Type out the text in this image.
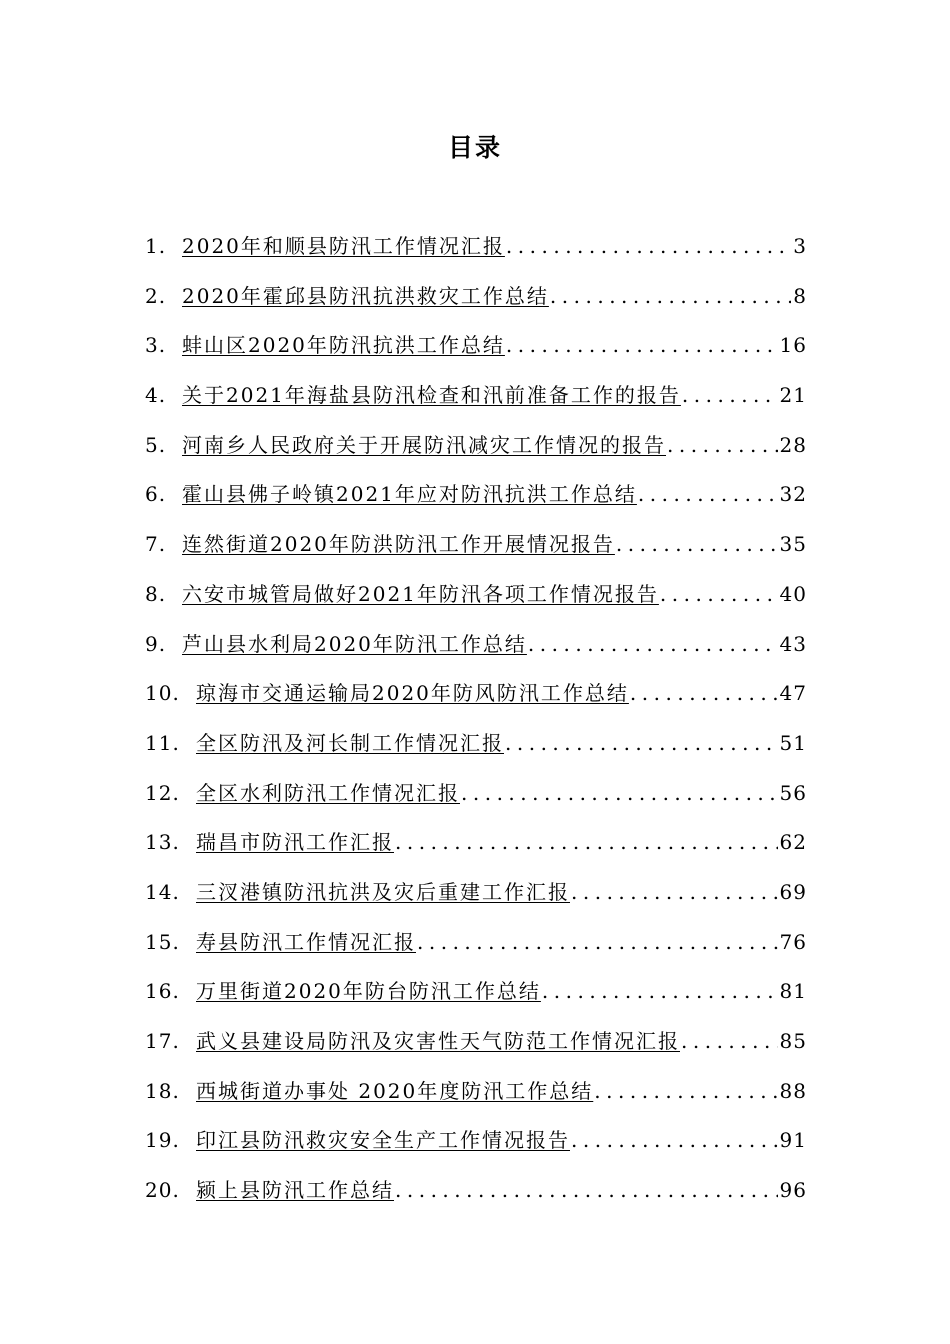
目录
1. 2020年和顺县防汛工作情况汇报 .....	3
2. 2020年霍邱县防汛抗洪救灾工作总结 .....	8
3. 蚌山区2020年防汛抗洪工作总结 .....	16
4. 关于2021年海盐县防汛检查和汛前准备工作的报告 .....	21
5. 河南乡人民政府关于开展防汛减灾工作情况的报告 .....	28
6. 霍山县佛子岭镇2021年应对防汛抗洪工作总结 .....	32
7. 连然街道2020年防洪防汛工作开展情况报告 .....	35
8. 六安市城管局做好2021年防汛各项工作情况报告 .....	40
9. 芦山县水利局2020年防汛工作总结 .....	43
10. 琼海市交通运输局2020年防风防汛工作总结 .....	47
11. 全区防汛及河长制工作情况汇报 .....	51
12. 全区水利防汛工作情况汇报 .....	56
13. 瑞昌市防汛工作汇报 .....	62
14. 三汊港镇防汛抗洪及灾后重建工作汇报 .....	69
15. 寿县防汛工作情况汇报 .....	76
16. 万里街道2020年防台防汛工作总结 .....	81
17. 武义县建设局防汛及灾害性天气防范工作情况汇报 .....	85
18. 西城街道办事处 2020年度防汛工作总结 .....	88
19. 印江县防汛救灾安全生产工作情况报告 .....	91
20. 颍上县防汛工作总结 .....	96
